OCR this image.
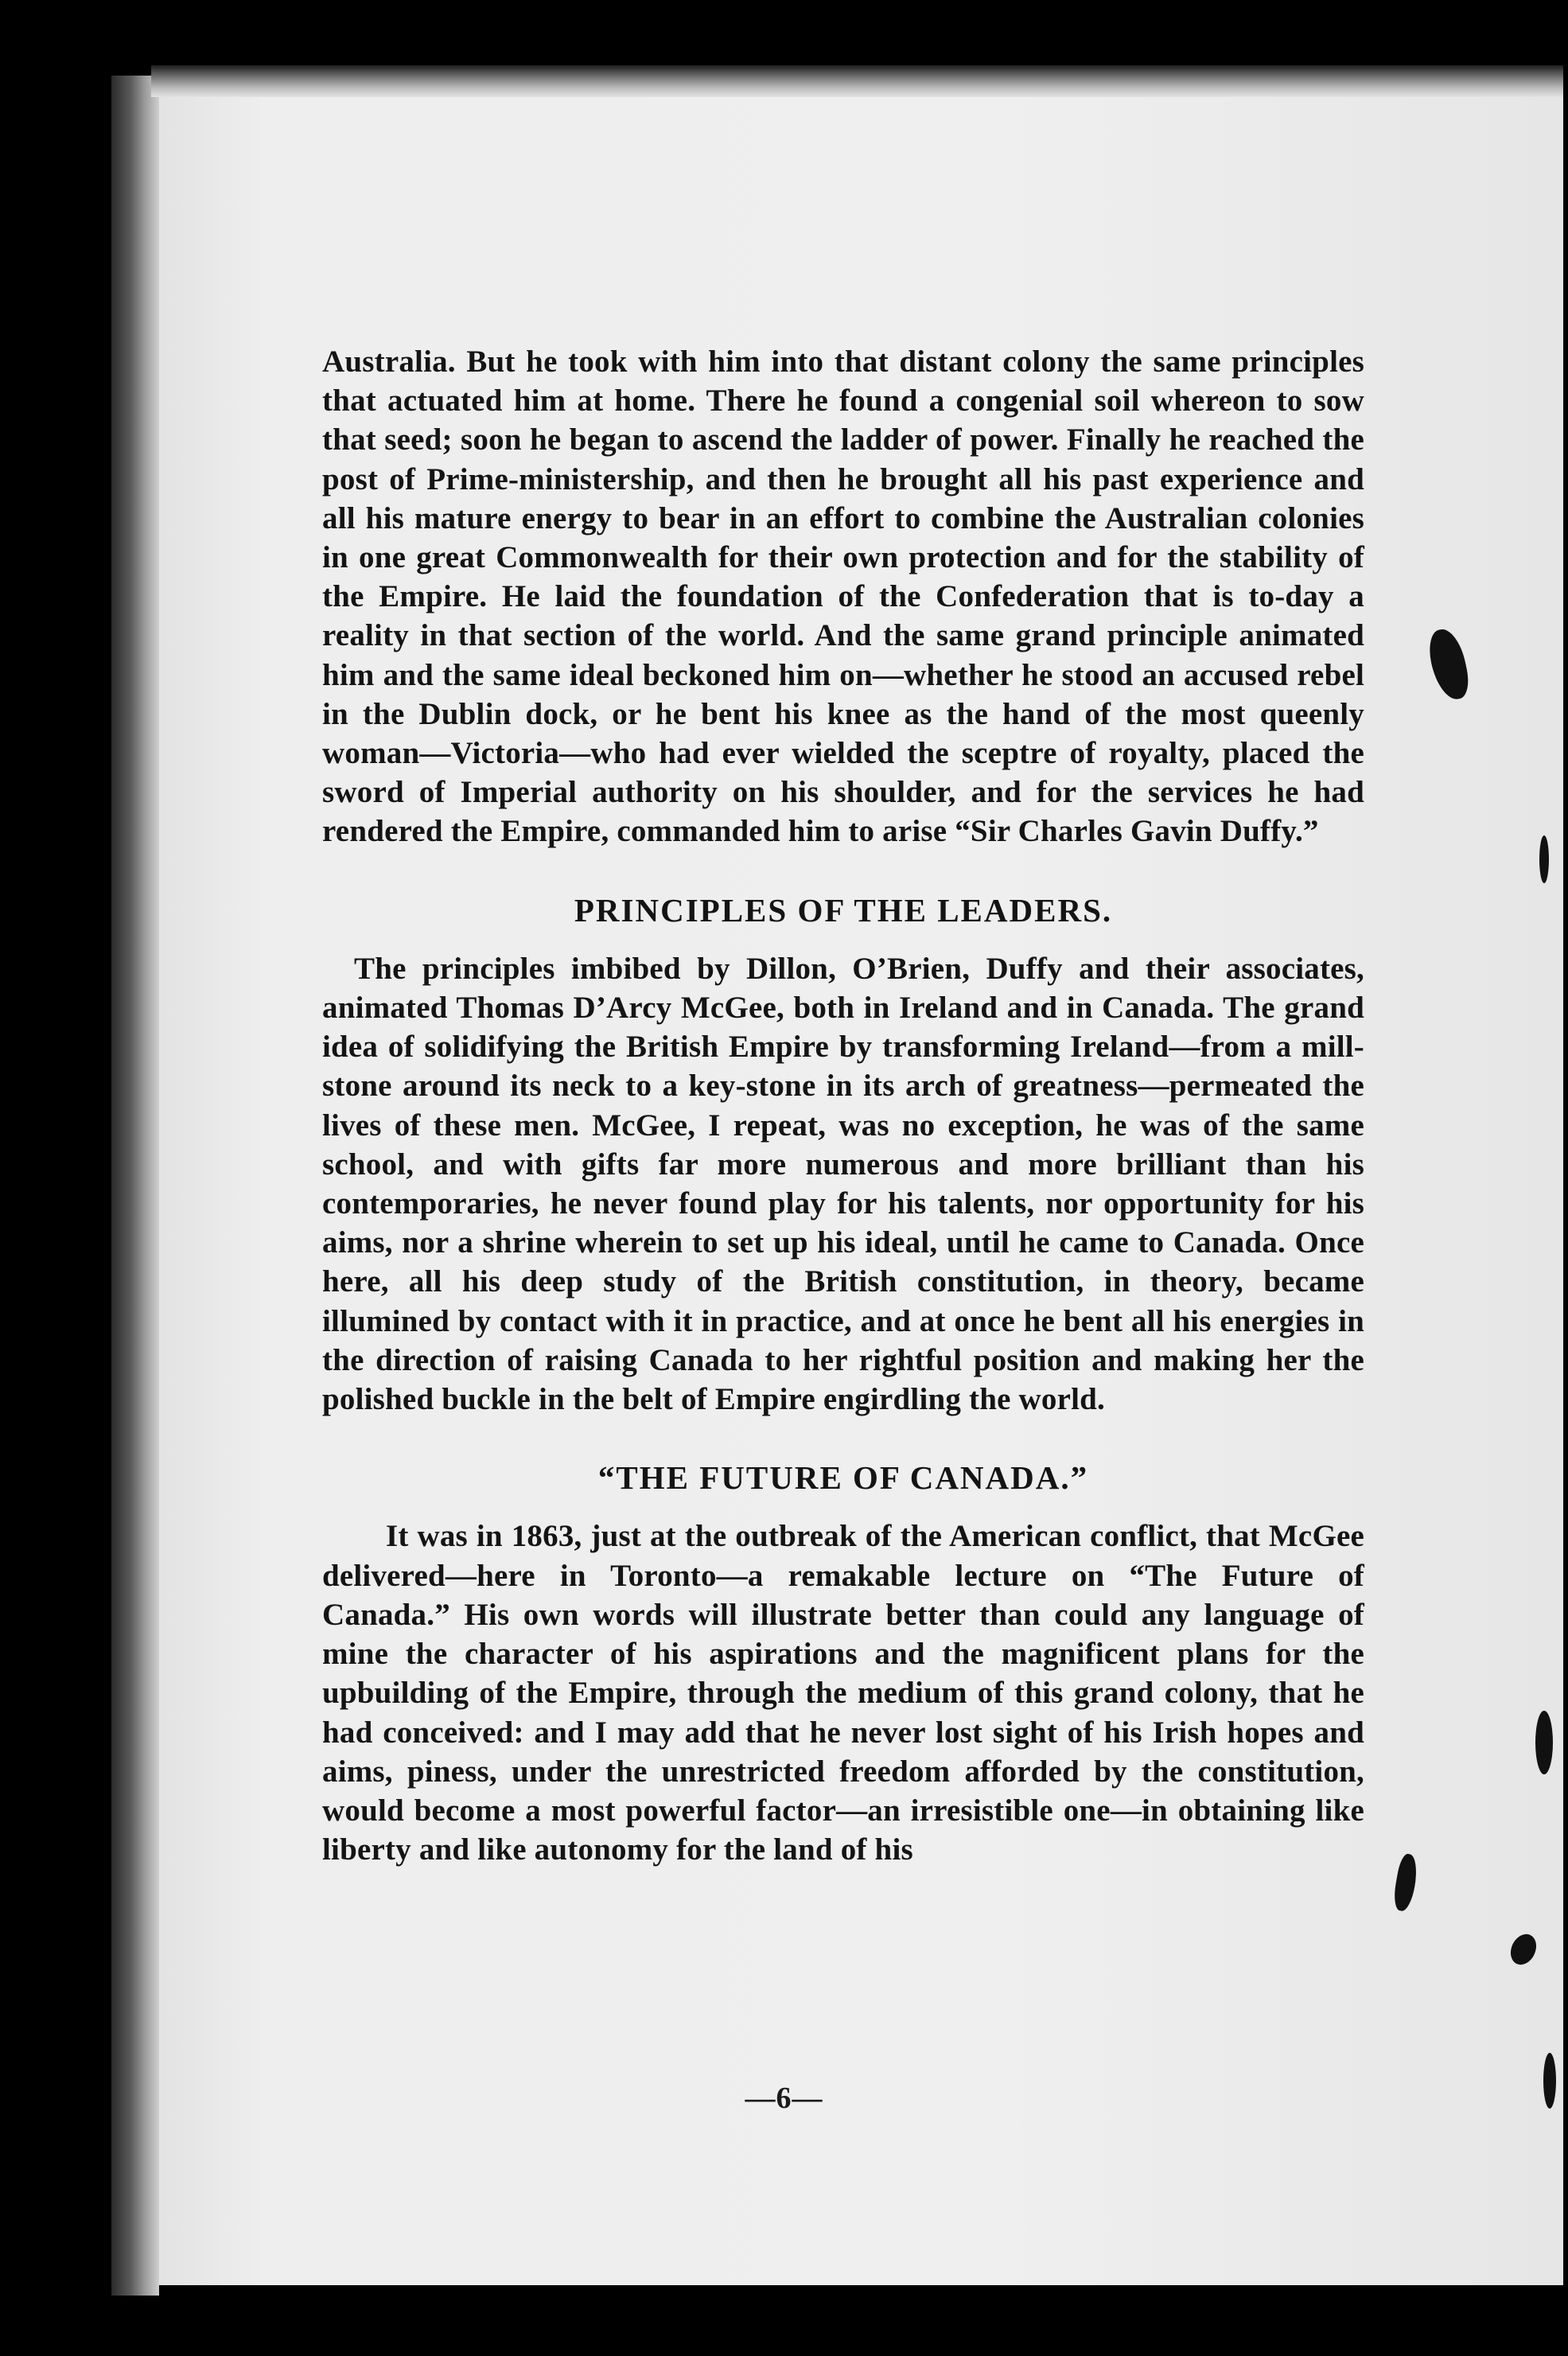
Australia. But he took with him into that distant colony the same principles that actuated him at home. There he found a congenial soil whereon to sow that seed; soon he began to ascend the ladder of power. Finally he reached the post of Prime-ministership, and then he brought all his past experience and all his mature energy to bear in an effort to combine the Australian colonies in one great Commonwealth for their own protection and for the stability of the Empire. He laid the foundation of the Confederation that is to-day a reality in that section of the world. And the same grand principle animated him and the same ideal beckoned him on—whether he stood an accused rebel in the Dublin dock, or he bent his knee as the hand of the most queenly woman—Victoria—who had ever wielded the sceptre of royalty, placed the sword of Imperial authority on his shoulder, and for the services he had rendered the Empire, commanded him to arise “Sir Charles Gavin Duffy.”

PRINCIPLES OF THE LEADERS.

The principles imbibed by Dillon, O’Brien, Duffy and their associates, animated Thomas D’Arcy McGee, both in Ireland and in Canada. The grand idea of solidifying the British Empire by transforming Ireland—from a mill-stone around its neck to a key-stone in its arch of greatness—permeated the lives of these men. McGee, I repeat, was no exception, he was of the same school, and with gifts far more numerous and more brilliant than his contemporaries, he never found play for his talents, nor opportunity for his aims, nor a shrine wherein to set up his ideal, until he came to Canada. Once here, all his deep study of the British constitution, in theory, became illumined by contact with it in practice, and at once he bent all his energies in the direction of raising Canada to her rightful position and making her the polished buckle in the belt of Empire engirdling the world.

“THE FUTURE OF CANADA.”

It was in 1863, just at the outbreak of the American conflict, that McGee delivered—here in Toronto—a remakable lecture on “The Future of Canada.” His own words will illustrate better than could any language of mine the character of his aspirations and the magnificent plans for the upbuilding of the Empire, through the medium of this grand colony, that he had conceived: and I may add that he never lost sight of his Irish hopes and aims, piness, under the unrestricted freedom afforded by the constitution, would become a most powerful factor—an irresistible one—in obtaining like liberty and like autonomy for the land of his

—6—
